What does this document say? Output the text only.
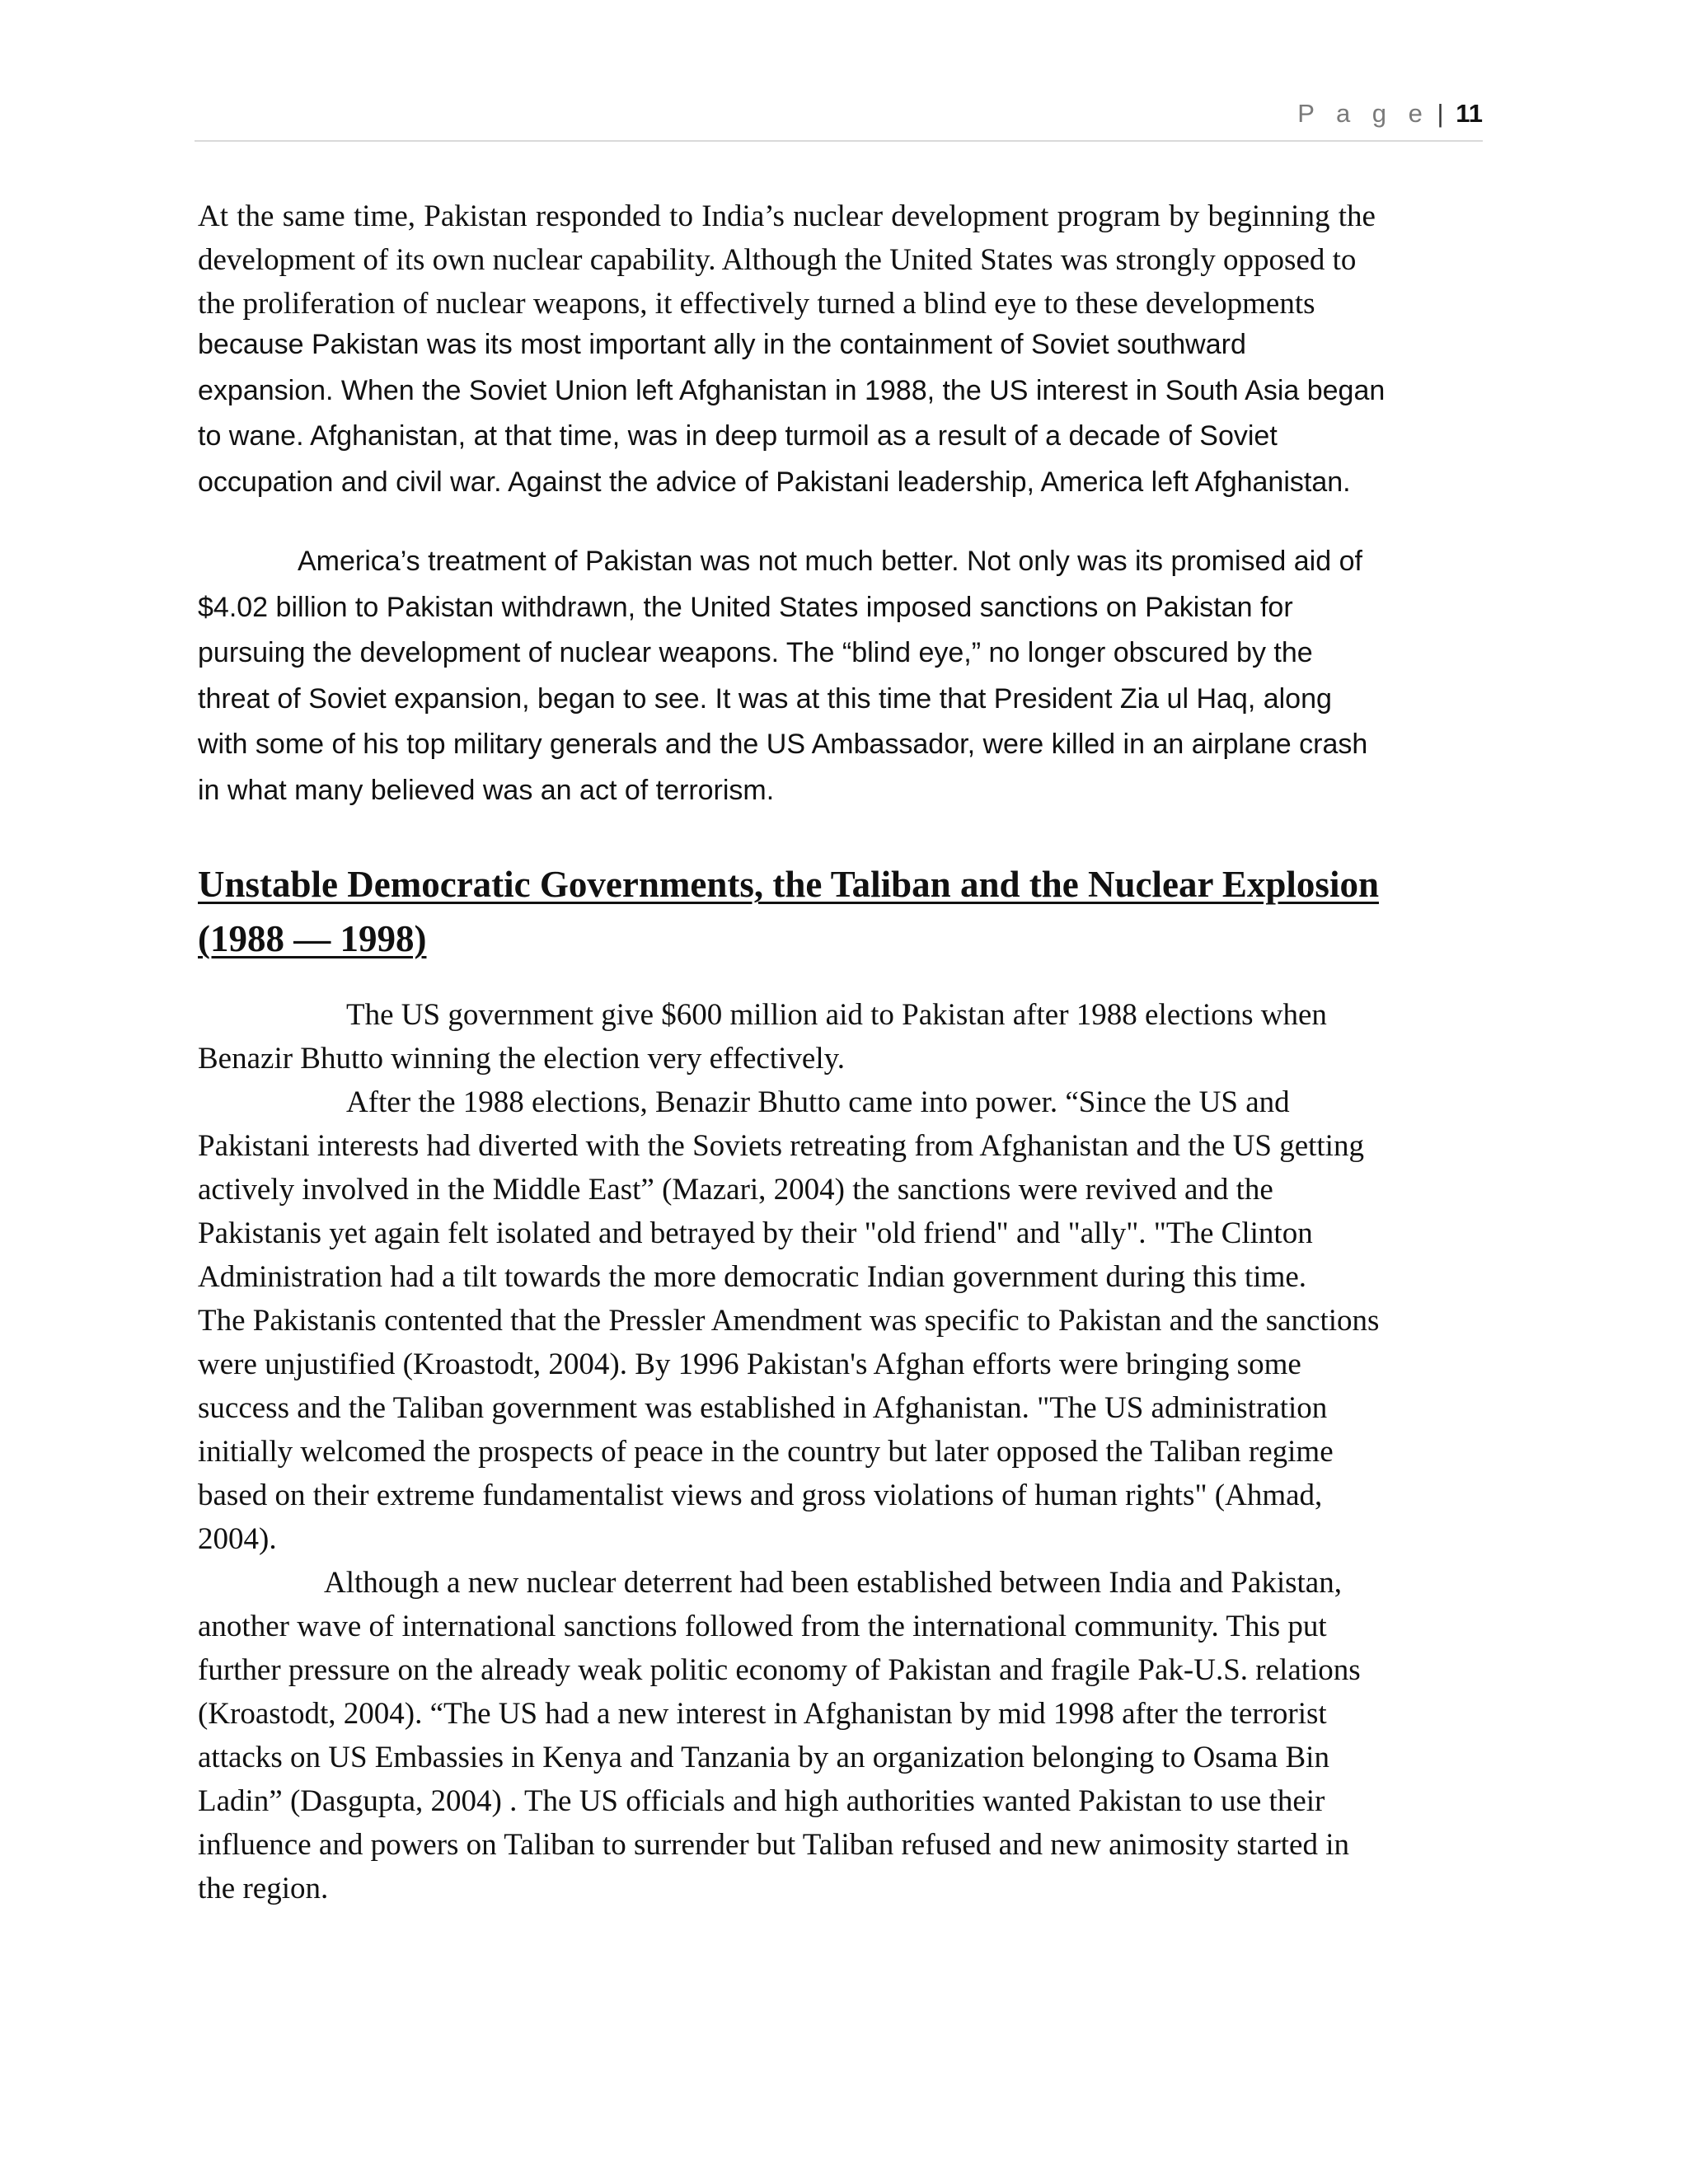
P a g e | 11

At the same time, Pakistan responded to India’s nuclear development program by beginning the
development of its own nuclear capability. Although the United States was strongly opposed to
the proliferation of nuclear weapons, it effectively turned a blind eye to these developments

because Pakistan was its most important ally in the containment of Soviet southward
expansion. When the Soviet Union left Afghanistan in 1988, the US interest in South Asia began
to wane. Afghanistan, at that time, was in deep turmoil as a result of a decade of Soviet
occupation and civil war. Against the advice of Pakistani leadership, America left Afghanistan.

America’s treatment of Pakistan was not much better. Not only was its promised aid of
$4.02 billion to Pakistan withdrawn, the United States imposed sanctions on Pakistan for
pursuing the development of nuclear weapons. The “blind eye,” no longer obscured by the
threat of Soviet expansion, began to see. It was at this time that President Zia ul Haq, along
with some of his top military generals and the US Ambassador, were killed in an airplane crash
in what many believed was an act of terrorism.

Unstable Democratic Governments, the Taliban and the Nuclear Explosion
(1988 — 1998)

The US government give $600 million aid to Pakistan after 1988 elections when
Benazir Bhutto winning the election very effectively.

After the 1988 elections, Benazir Bhutto came into power. “Since the US and
Pakistani interests had diverted with the Soviets retreating from Afghanistan and the US getting
actively involved in the Middle East” (Mazari, 2004) the sanctions were revived and the
Pakistanis yet again felt isolated and betrayed by their "old friend" and "ally". "The Clinton
Administration had a tilt towards the more democratic Indian government during this time.
The Pakistanis contented that the Pressler Amendment was specific to Pakistan and the sanctions
were unjustified (Kroastodt, 2004). By 1996 Pakistan's Afghan efforts were bringing some
success and the Taliban government was established in Afghanistan. "The US administration
initially welcomed the prospects of peace in the country but later opposed the Taliban regime
based on their extreme fundamentalist views and gross violations of human rights" (Ahmad,
2004).

Although a new nuclear deterrent had been established between India and Pakistan,
another wave of international sanctions followed from the international community. This put
further pressure on the already weak politic economy of Pakistan and fragile Pak-U.S. relations
(Kroastodt, 2004). “The US had a new interest in Afghanistan by mid 1998 after the terrorist
attacks on US Embassies in Kenya and Tanzania by an organization belonging to Osama Bin
Ladin” (Dasgupta, 2004) . The US officials and high authorities wanted Pakistan to use their
influence and powers on Taliban to surrender but Taliban refused and new animosity started in
the region.
